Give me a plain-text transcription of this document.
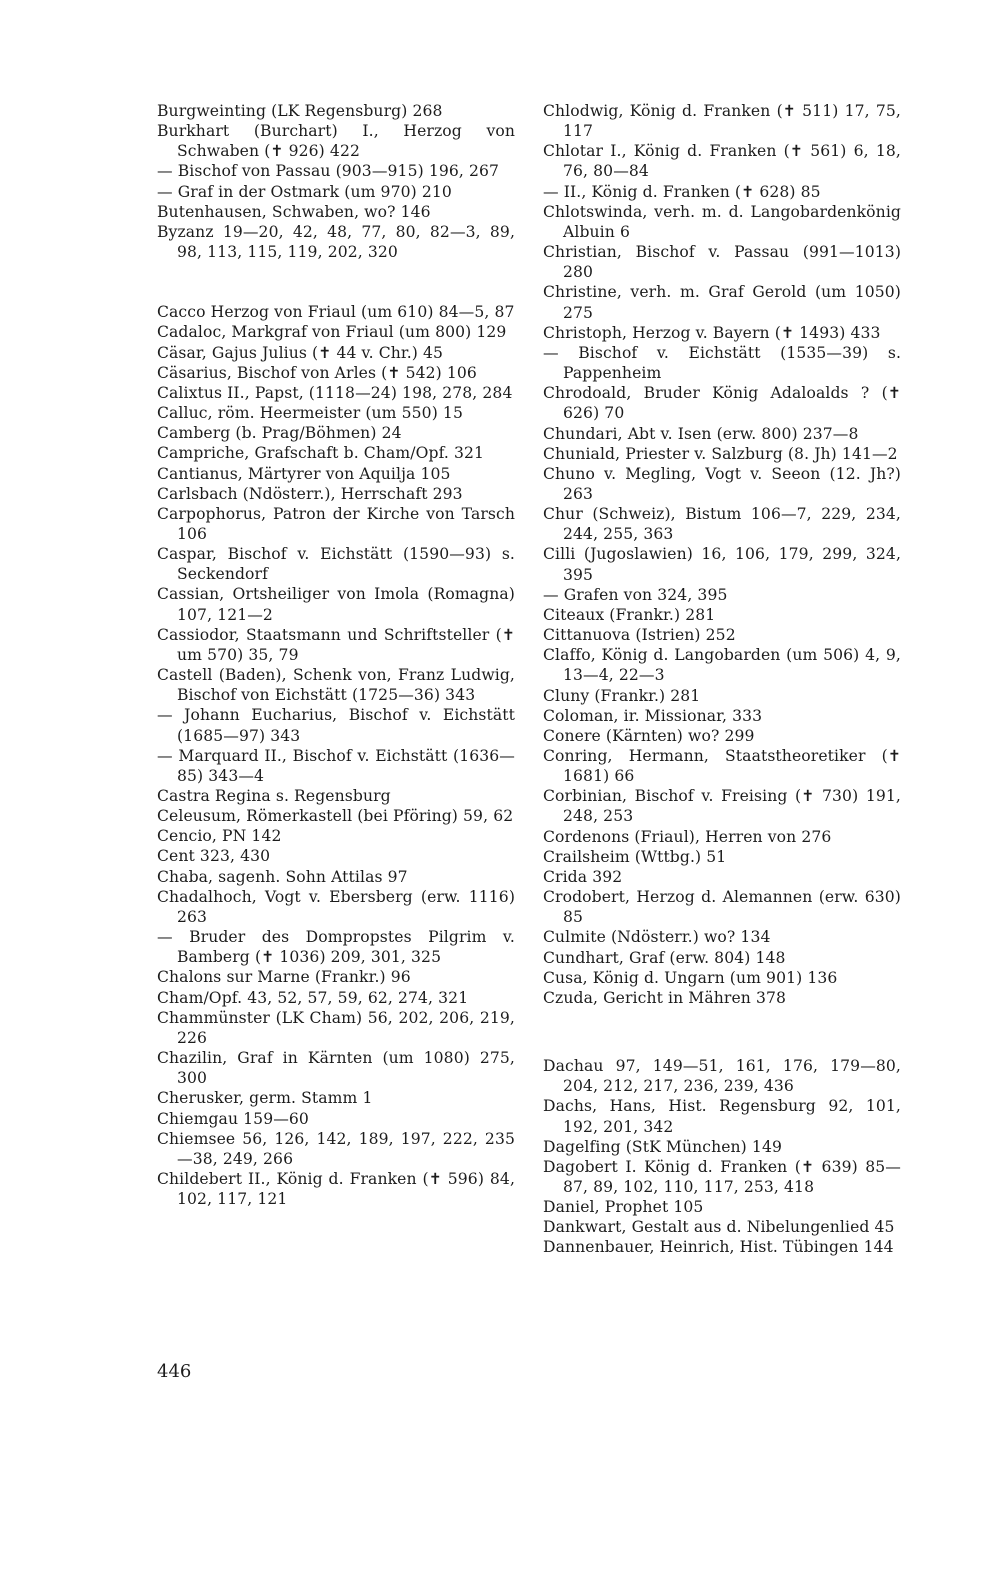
Burgweinting (LK Regensburg) 268
Burkhart (Burchart) I., Herzog von Schwaben (✝ 926) 422
— Bischof von Passau (903—915) 196, 267
— Graf in der Ostmark (um 970) 210
Butenhausen, Schwaben, wo? 146
Byzanz 19—20, 42, 48, 77, 80, 82—3, 89, 98, 113, 115, 119, 202, 320
Cacco Herzog von Friaul (um 610) 84—5, 87
Cadaloc, Markgraf von Friaul (um 800) 129
Cäsar, Gajus Julius (✝ 44 v. Chr.) 45
Cäsarius, Bischof von Arles (✝ 542) 106
Calixtus II., Papst, (1118—24) 198, 278, 284
Calluc, röm. Heermeister (um 550) 15
Camberg (b. Prag/Böhmen) 24
Campriche, Grafschaft b. Cham/Opf. 321
Cantianus, Märtyrer von Aquilja 105
Carlsbach (Ndösterr.), Herrschaft 293
Carpophorus, Patron der Kirche von Tarsch 106
Caspar, Bischof v. Eichstätt (1590—93) s. Seckendorf
Cassian, Ortsheiliger von Imola (Romagna) 107, 121—2
Cassiodor, Staatsmann und Schriftsteller (✝ um 570) 35, 79
Castell (Baden), Schenk von, Franz Ludwig, Bischof von Eichstätt (1725—36) 343
— Johann Eucharius, Bischof v. Eichstätt (1685—97) 343
— Marquard II., Bischof v. Eichstätt (1636—85) 343—4
Castra Regina s. Regensburg
Celeusum, Römerkastell (bei Pföring) 59, 62
Cencio, PN 142
Cent 323, 430
Chaba, sagenh. Sohn Attilas 97
Chadalhoch, Vogt v. Ebersberg (erw. 1116) 263
— Bruder des Dompropstes Pilgrim v. Bamberg (✝ 1036) 209, 301, 325
Chalons sur Marne (Frankr.) 96
Cham/Opf. 43, 52, 57, 59, 62, 274, 321
Chammünster (LK Cham) 56, 202, 206, 219, 226
Chazilin, Graf in Kärnten (um 1080) 275, 300
Cherusker, germ. Stamm 1
Chiemgau 159—60
Chiemsee 56, 126, 142, 189, 197, 222, 235—38, 249, 266
Childebert II., König d. Franken (✝ 596) 84, 102, 117, 121
Chlodwig, König d. Franken (✝ 511) 17, 75, 117
Chlotar I., König d. Franken (✝ 561) 6, 18, 76, 80—84
— II., König d. Franken (✝ 628) 85
Chlotswinda, verh. m. d. Langobardenkönig Albuin 6
Christian, Bischof v. Passau (991—1013) 280
Christine, verh. m. Graf Gerold (um 1050) 275
Christoph, Herzog v. Bayern (✝ 1493) 433
— Bischof v. Eichstätt (1535—39) s. Pappenheim
Chrodoald, Bruder König Adaloalds ? (✝ 626) 70
Chundari, Abt v. Isen (erw. 800) 237—8
Chuniald, Priester v. Salzburg (8. Jh) 141—2
Chuno v. Megling, Vogt v. Seeon (12. Jh?) 263
Chur (Schweiz), Bistum 106—7, 229, 234, 244, 255, 363
Cilli (Jugoslawien) 16, 106, 179, 299, 324, 395
— Grafen von 324, 395
Citeaux (Frankr.) 281
Cittanuova (Istrien) 252
Claffo, König d. Langobarden (um 506) 4, 9, 13—4, 22—3
Cluny (Frankr.) 281
Coloman, ir. Missionar, 333
Conere (Kärnten) wo? 299
Conring, Hermann, Staatstheoretiker (✝ 1681) 66
Corbinian, Bischof v. Freising (✝ 730) 191, 248, 253
Cordenons (Friaul), Herren von 276
Crailsheim (Wttbg.) 51
Crida 392
Crodobert, Herzog d. Alemannen (erw. 630) 85
Culmite (Ndösterr.) wo? 134
Cundhart, Graf (erw. 804) 148
Cusa, König d. Ungarn (um 901) 136
Czuda, Gericht in Mähren 378
Dachau 97, 149—51, 161, 176, 179—80, 204, 212, 217, 236, 239, 436
Dachs, Hans, Hist. Regensburg 92, 101, 192, 201, 342
Dagelfing (StK München) 149
Dagobert I. König d. Franken (✝ 639) 85—87, 89, 102, 110, 117, 253, 418
Daniel, Prophet 105
Dankwart, Gestalt aus d. Nibelungenlied 45
Dannenbauer, Heinrich, Hist. Tübingen 144
446
